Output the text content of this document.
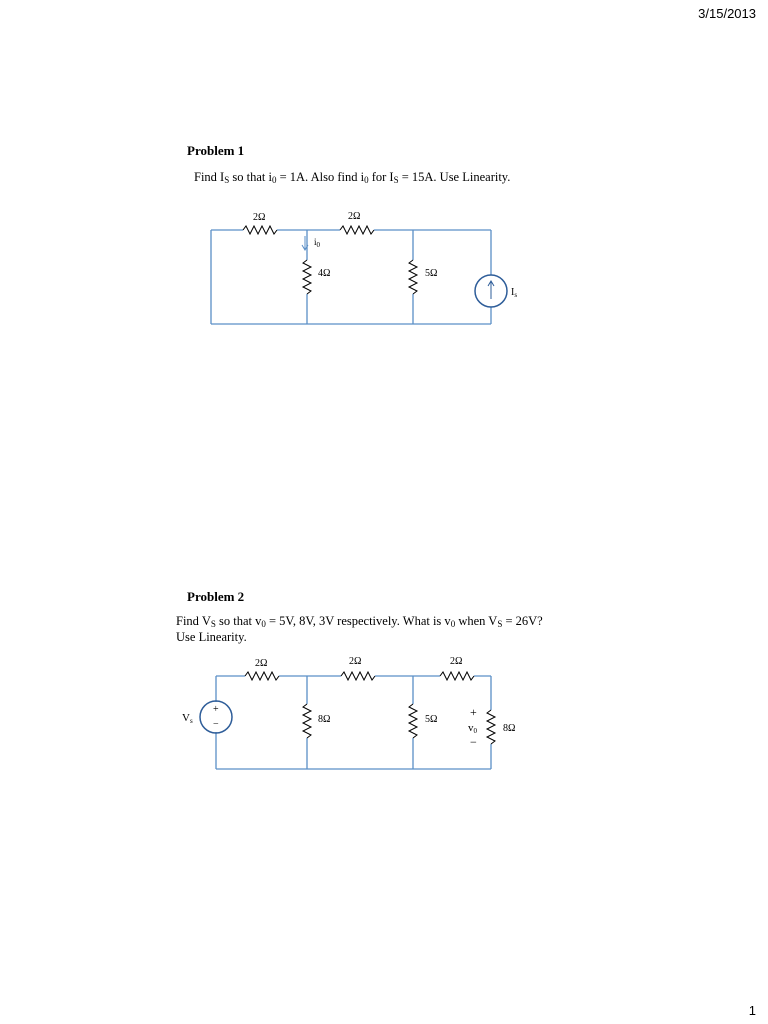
3/15/2013
Problem 1
Find $I_S$ so that $i_0 = 1A$. Also find $i_0$ for $I_S = 15A$. Use Linearity.
Problem 2
Find $V_S$ so that $v_0 = 5V$, 8V, 3V respectively. What is $v_0$ when $V_S = 26V$?
Use Linearity.
2Ω	2Ω
4Ω	5Ω
$i_0$
$I_s$
+
−
Vs
2Ω	2Ω	2Ω
8Ω	5Ω
8Ω
+
v0
−
1
